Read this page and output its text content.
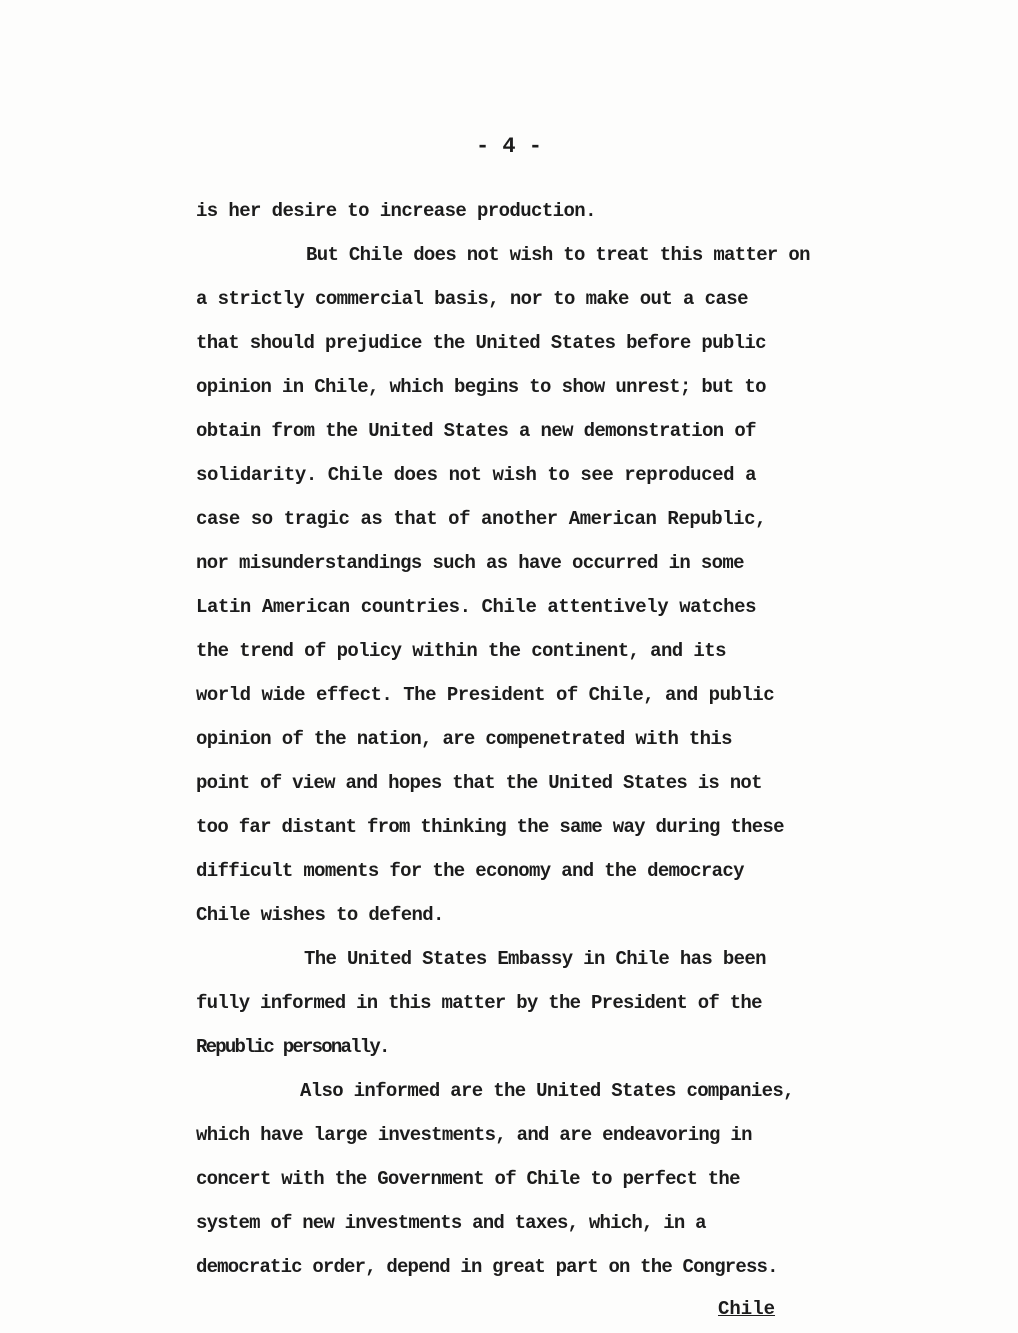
- 4 -
is her desire to increase production.
But Chile does not wish to treat this matter on
a strictly commercial basis, nor to make out a case
that should prejudice the United States before public
opinion in Chile, which begins to show unrest; but to
obtain from the United States a new demonstration of
solidarity. Chile does not wish to see reproduced a
case so tragic as that of another American Republic,
nor misunderstandings such as have occurred in some
Latin American countries. Chile attentively watches
the trend of policy within the continent, and its
world wide effect. The President of Chile, and public
opinion of the nation, are compenetrated with this
point of view and hopes that the United States is not
too far distant from thinking the same way during these
difficult moments for the economy and the democracy
Chile wishes to defend.
The United States Embassy in Chile has been
fully informed in this matter by the President of the
Republic personally.
Also informed are the United States companies,
which have large investments, and are endeavoring in
concert with the Government of Chile to perfect the
system of new investments and taxes, which, in a
democratic order, depend in great part on the Congress.
Chile
